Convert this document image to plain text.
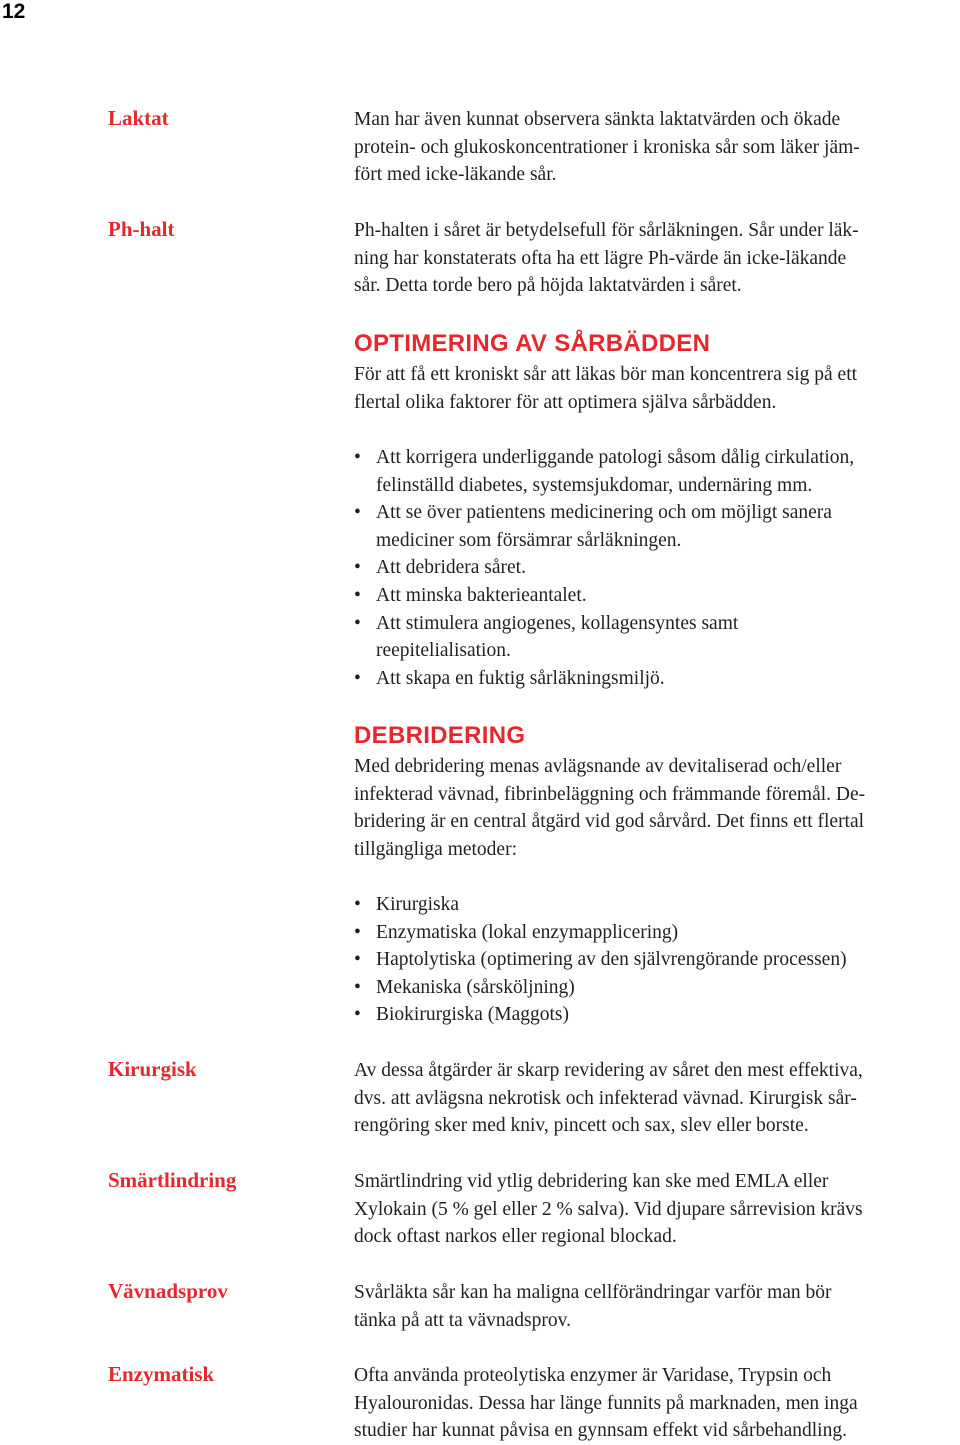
12

Laktat	Man har även kunnat observera sänkta laktatvärden och ökade
protein- och glukoskoncentrationer i kroniska sår som läker jäm-
fört med icke-läkande sår.

Ph-halt	Ph-halten i såret är betydelsefull för sårläkningen. Sår under läk-
ning har konstaterats ofta ha ett lägre Ph-värde än icke-läkande
sår. Detta torde bero på höjda laktatvärden i såret.
OPTIMERING AV SÅRBÄDDEN
För att få ett kroniskt sår att läkas bör man koncentrera sig på ett
flertal olika faktorer för att optimera själva sårbädden.
• Att korrigera underliggande patologi såsom dålig cirkulation,
felinställd diabetes, systemsjukdomar, undernäring mm.
• Att se över patientens medicinering och om möjligt sanera
mediciner som försämrar sårläkningen.
• Att debridera såret.
• Att minska bakterieantalet.
• Att stimulera angiogenes, kollagensyntes samt
reepitelialisation.
• Att skapa en fuktig sårläkningsmiljö.
DEBRIDERING
Med debridering menas avlägsnande av devitaliserad och/eller
infekterad vävnad, fibrinbeläggning och främmande föremål. De-
bridering är en central åtgärd vid god sårvård. Det finns ett flertal
tillgängliga metoder:
• Kirurgiska
• Enzymatiska (lokal enzymapplicering)
• Haptolytiska (optimering av den självrengörande processen)
• Mekaniska (sårsköljning)
• Biokirurgiska (Maggots)

Kirurgisk	Av dessa åtgärder är skarp revidering av såret den mest effektiva,
dvs. att avlägsna nekrotisk och infekterad vävnad. Kirurgisk sår-
rengöring sker med kniv, pincett och sax, slev eller borste.

Smärtlindring	Smärtlindring vid ytlig debridering kan ske med EMLA eller
Xylokain (5 % gel eller 2 % salva). Vid djupare sårrevision krävs
dock oftast narkos eller regional blockad.

Vävnadsprov	Svårläkta sår kan ha maligna cellförändringar varför man bör
tänka på att ta vävnadsprov.

Enzymatisk	Ofta använda proteolytiska enzymer är Varidase, Trypsin och
Hyalouronidas. Dessa har länge funnits på marknaden, men inga
studier har kunnat påvisa en gynnsam effekt vid sårbehandling.
